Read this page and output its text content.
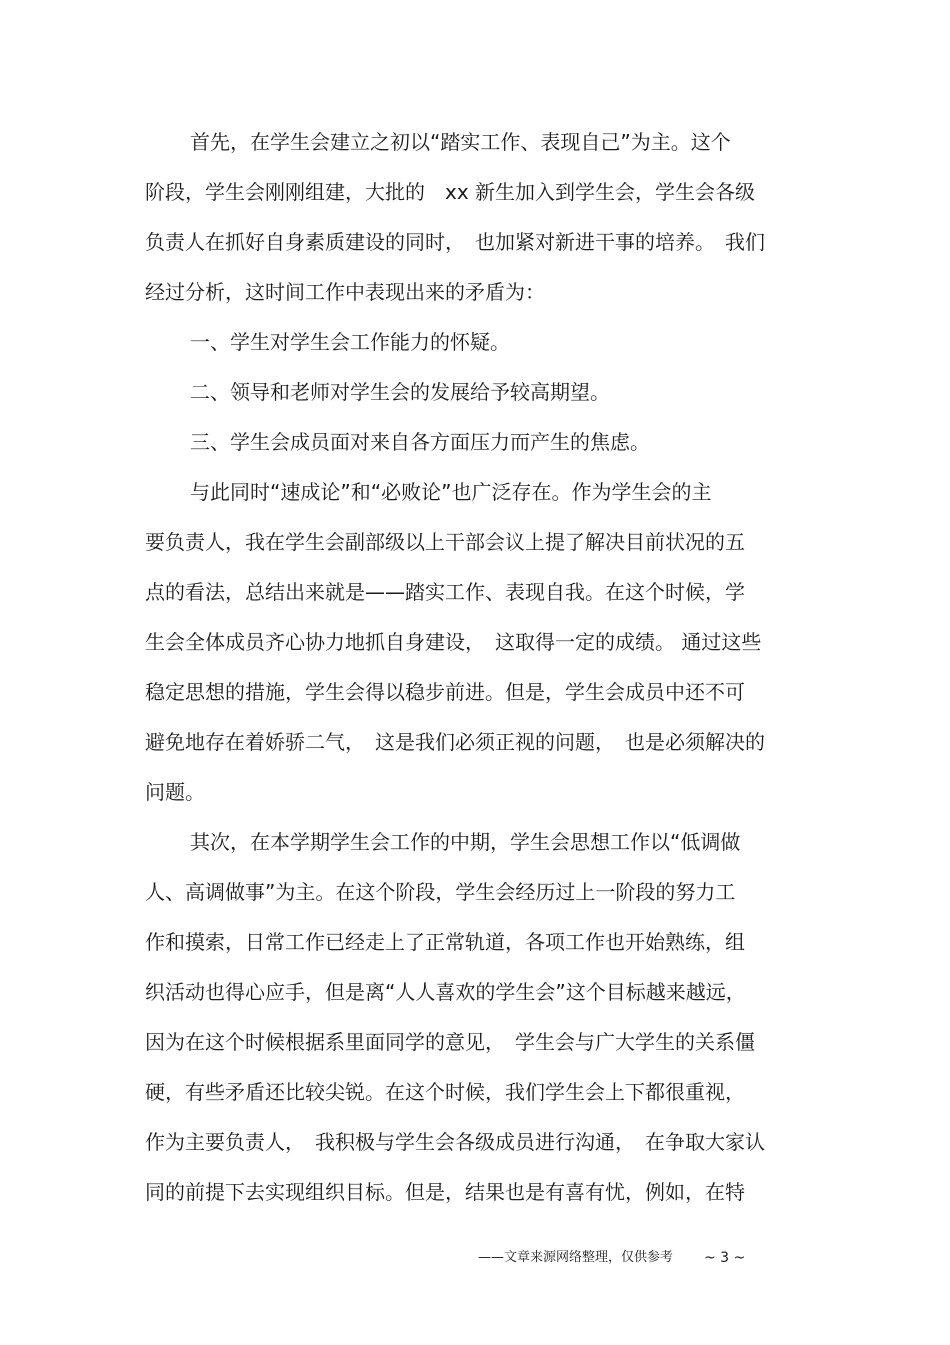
首先，在学生会建立之初以“踏实工作、表现自己”为主。这个
阶段，学生会刚刚组建，大批的　xx 新生加入到学生会，学生会各级
负责人在抓好自身素质建设的同时，　也加紧对新进干事的培养。　我们
经过分析，这时间工作中表现出来的矛盾为：
一、学生对学生会工作能力的怀疑。
二、领导和老师对学生会的发展给予较高期望。
三、学生会成员面对来自各方面压力而产生的焦虑。
与此同时“速成论”和“必败论”也广泛存在。作为学生会的主
要负责人，我在学生会副部级以上干部会议上提了解决目前状况的五
点的看法，总结出来就是——踏实工作、表现自我。在这个时候，学
生会全体成员齐心协力地抓自身建设，　这取得一定的成绩。 通过这些
稳定思想的措施，学生会得以稳步前进。但是，学生会成员中还不可
避免地存在着娇骄二气，　这是我们必须正视的问题，　也是必须解决的
问题。
其次，在本学期学生会工作的中期，学生会思想工作以“低调做
人、高调做事”为主。在这个阶段，学生会经历过上一阶段的努力工
作和摸索，日常工作已经走上了正常轨道，各项工作也开始熟练，组
织活动也得心应手，但是离“人人喜欢的学生会”这个目标越来越远，
因为在这个时候根据系里面同学的意见，　学生会与广大学生的关系僵
硬，有些矛盾还比较尖锐。在这个时候，我们学生会上下都很重视，
作为主要负责人，　我积极与学生会各级成员进行沟通，　在争取大家认
同的前提下去实现组织目标。但是，结果也是有喜有忧，例如，在特
——文章来源网络整理，仅供参考 ~ 3 ~
